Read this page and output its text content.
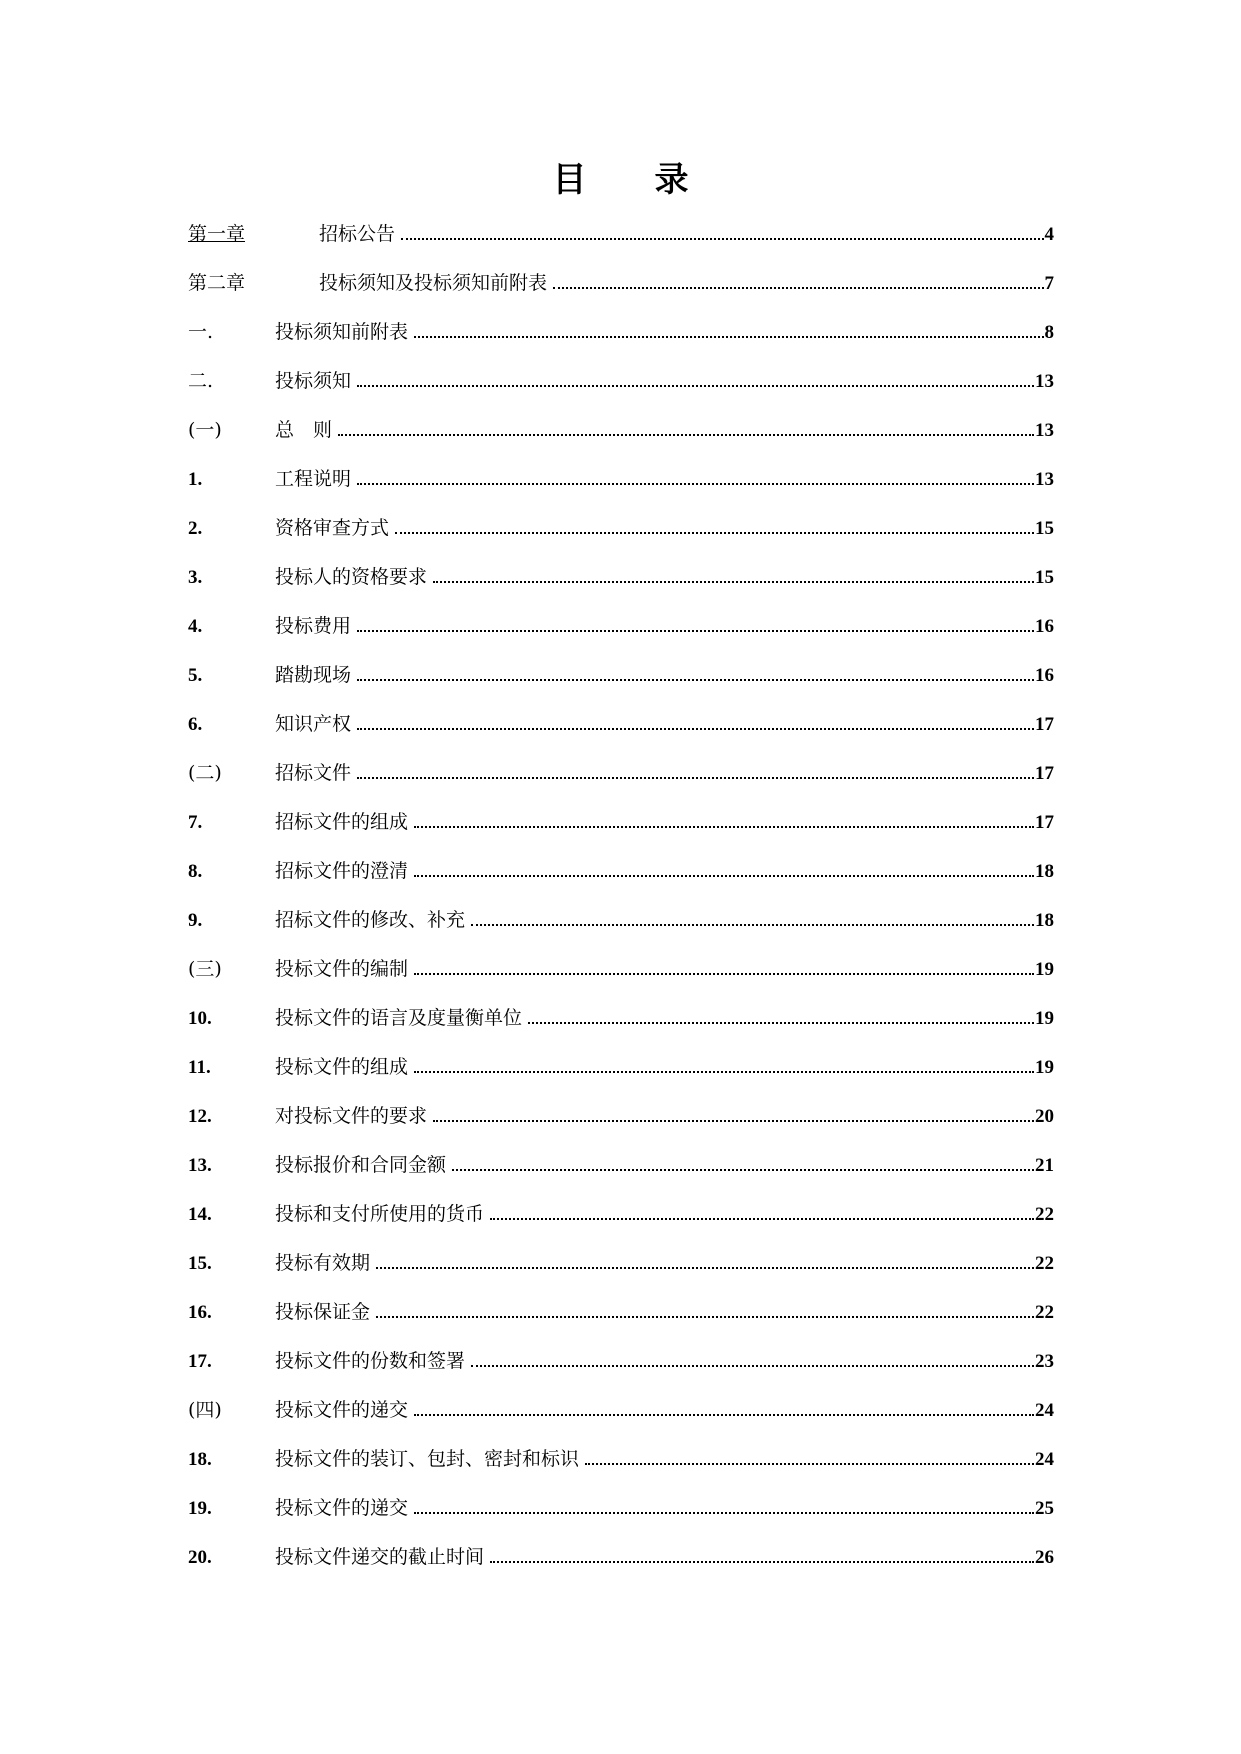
目　　录
第一章	招标公告	4
第二章	投标须知及投标须知前附表	7
一.	投标须知前附表	8
二.	投标须知	13
(一)	总　则	13
1.	工程说明	13
2.	资格审查方式	15
3.	投标人的资格要求	15
4.	投标费用	16
5.	踏勘现场	16
6.	知识产权	17
(二)	招标文件	17
7.	招标文件的组成	17
8.	招标文件的澄清	18
9.	招标文件的修改、补充	18
(三)	投标文件的编制	19
10.	投标文件的语言及度量衡单位	19
11.	投标文件的组成	19
12.	对投标文件的要求	20
13.	投标报价和合同金额	21
14.	投标和支付所使用的货币	22
15.	投标有效期	22
16.	投标保证金	22
17.	投标文件的份数和签署	23
(四)	投标文件的递交	24
18.	投标文件的装订、包封、密封和标识	24
19.	投标文件的递交	25
20.	投标文件递交的截止时间	26
